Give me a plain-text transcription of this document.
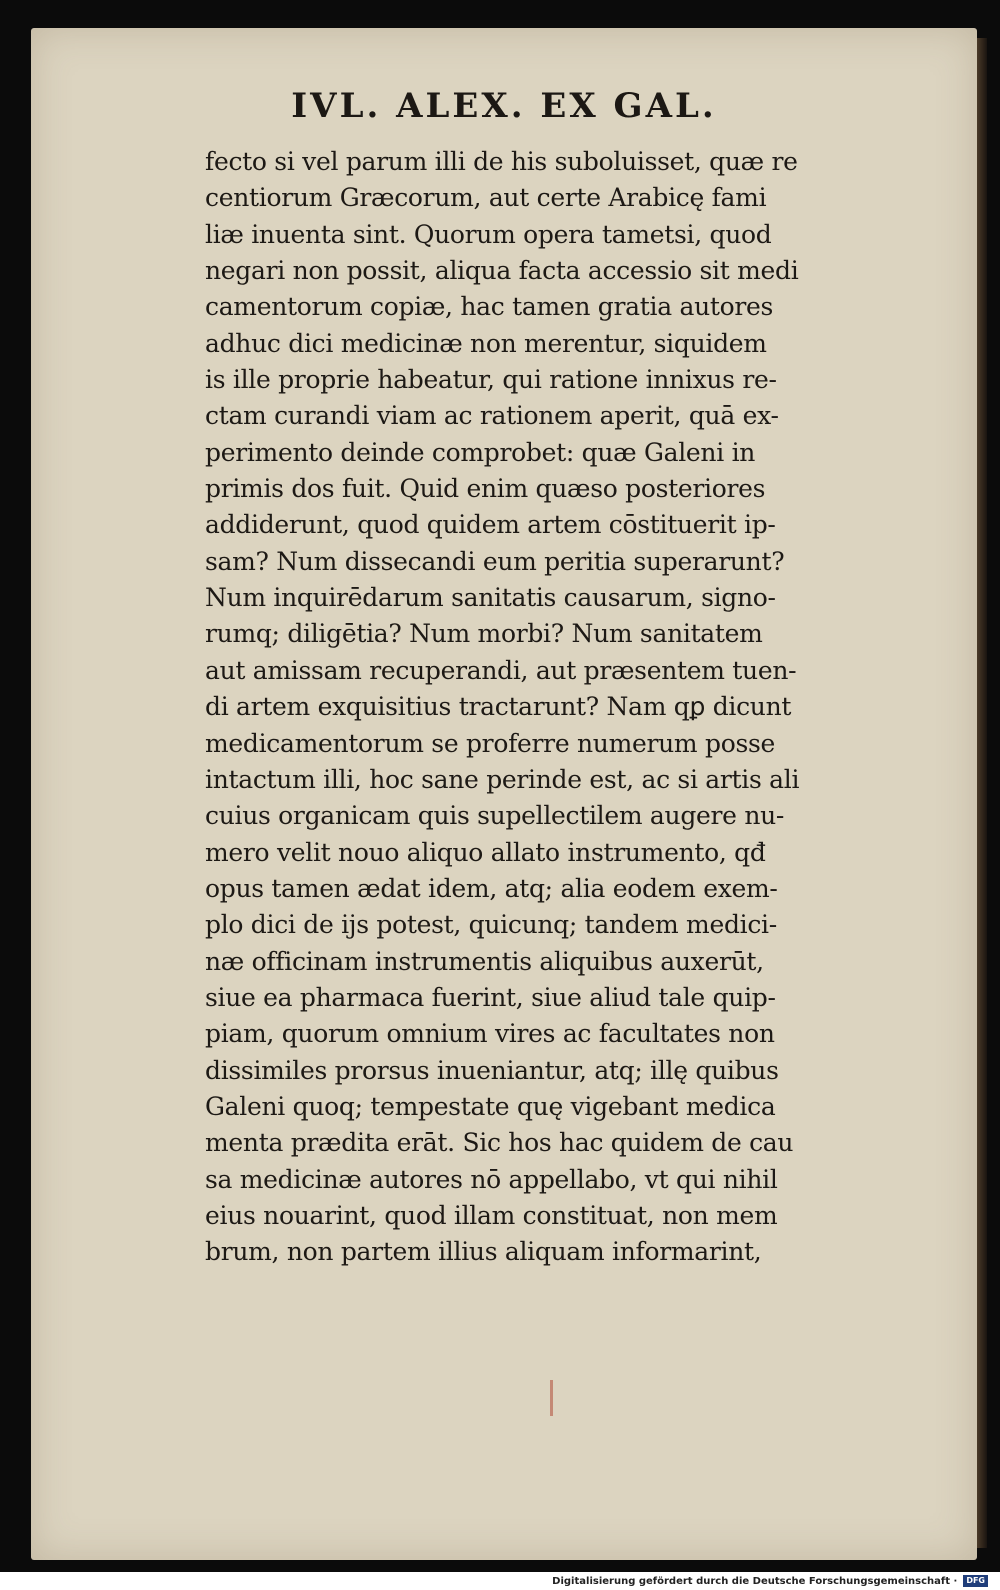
IVL. ALEX. EX GAL.
fecto si vel parum illi de his suboluisset, quæ re
centiorum Græcorum, aut certe Arabicę fami
liæ inuenta sint. Quorum opera tametsi, quod
negari non possit, aliqua facta accessio sit medi
camentorum copiæ, hac tamen gratia autores
adhuc dici medicinæ non merentur, siquidem
is ille proprie habeatur, qui ratione innixus re-
ctam curandi viam ac rationem aperit, quā ex-
perimento deinde comprobet: quæ Galeni in
primis dos fuit. Quid enim quæso posteriores
addiderunt, quod quidem artem cōstituerit ip-
sam? Num dissecandi eum peritia superarunt?
Num inquirēdarum sanitatis causarum, signo-
rumq; diligētia? Num morbi? Num sanitatem
aut amissam recuperandi, aut præsentem tuen-
di artem exquisitius tractarunt? Nam qꝑ dicunt
medicamentorum se proferre numerum posse
intactum illi, hoc sane perinde est, ac si artis ali
cuius organicam quis supellectilem augere nu-
mero velit nouo aliquo allato instrumento, qđ
opus tamen ædat idem, atq; alia eodem exem-
plo dici de ijs potest, quicunq; tandem medici-
næ officinam instrumentis aliquibus auxerūt,
siue ea pharmaca fuerint, siue aliud tale quip-
piam, quorum omnium vires ac facultates non
dissimiles prorsus inueniantur, atq; illę quibus
Galeni quoq; tempestate quę vigebant medica
menta prædita erāt. Sic hos hac quidem de cau
sa medicinæ autores nō appellabo, vt qui nihil
eius nouarint, quod illam constituat, non mem
brum, non partem illius aliquam informarint,
Digitalisierung gefördert durch die Deutsche Forschungsgemeinschaft ·	DFG
